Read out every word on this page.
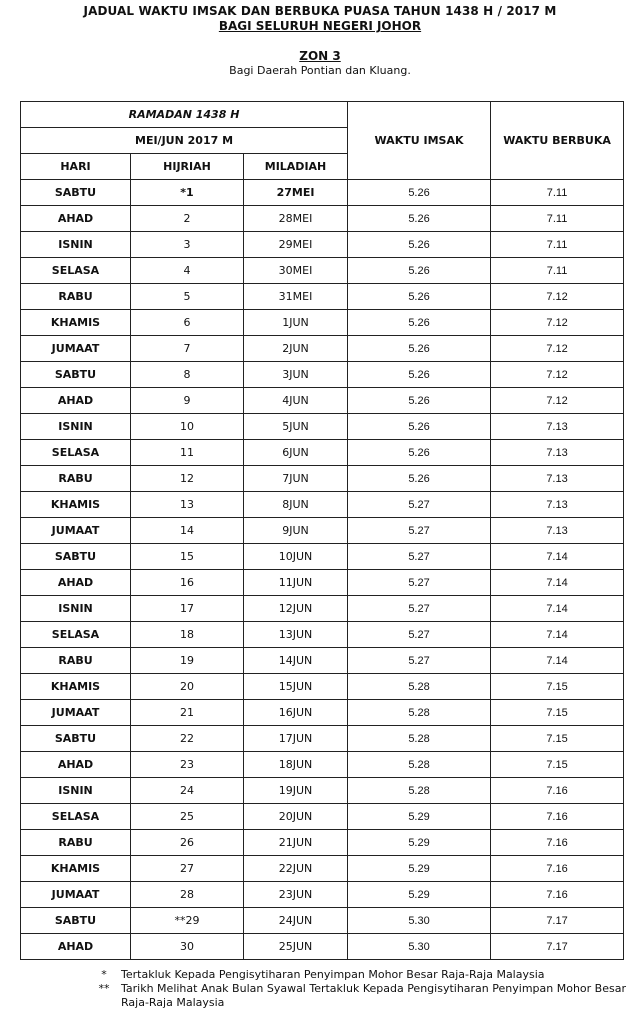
JADUAL WAKTU IMSAK DAN BERBUKA PUASA TAHUN 1438 H / 2017 M
BAGI SELURUH NEGERI JOHOR
ZON 3
Bagi Daerah Pontian dan Kluang.
RAMADAN 1438 H			WAKTU IMSAK	WAKTU BERBUKA
MEI/JUN 2017 M				
HARI	HIJRIAH	MILADIAH		
SABTU	*1	27MEI	5.26	7.11
AHAD	2	28MEI	5.26	7.11
ISNIN	3	29MEI	5.26	7.11
SELASA	4	30MEI	5.26	7.11
RABU	5	31MEI	5.26	7.12
KHAMIS	6	1JUN	5.26	7.12
JUMAAT	7	2JUN	5.26	7.12
SABTU	8	3JUN	5.26	7.12
AHAD	9	4JUN	5.26	7.12
ISNIN	10	5JUN	5.26	7.13
SELASA	11	6JUN	5.26	7.13
RABU	12	7JUN	5.26	7.13
KHAMIS	13	8JUN	5.27	7.13
JUMAAT	14	9JUN	5.27	7.13
SABTU	15	10JUN	5.27	7.14
AHAD	16	11JUN	5.27	7.14
ISNIN	17	12JUN	5.27	7.14
SELASA	18	13JUN	5.27	7.14
RABU	19	14JUN	5.27	7.14
KHAMIS	20	15JUN	5.28	7.15
JUMAAT	21	16JUN	5.28	7.15
SABTU	22	17JUN	5.28	7.15
AHAD	23	18JUN	5.28	7.15
ISNIN	24	19JUN	5.28	7.16
SELASA	25	20JUN	5.29	7.16
RABU	26	21JUN	5.29	7.16
KHAMIS	27	22JUN	5.29	7.16
JUMAAT	28	23JUN	5.29	7.16
SABTU	**29	24JUN	5.30	7.17
AHAD	30	25JUN	5.30	7.17
*	Tertakluk Kepada Pengisytiharan Penyimpan Mohor Besar Raja-Raja Malaysia
**	Tarikh Melihat Anak Bulan Syawal Tertakluk Kepada Pengisytiharan Penyimpan Mohor Besar
Raja-Raja Malaysia
